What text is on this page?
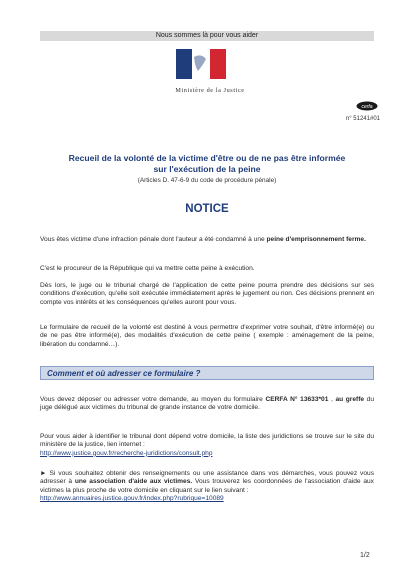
Nous sommes là pour vous aider
Ministère de la Justice
cerfa
n° 51241#01
Recueil de la volonté de la victime d'être ou de ne pas être informée
sur l'exécution de la peine
(Articles D. 47-6-9 du code de procédure pénale)
NOTICE
Vous êtes victime d'une infraction pénale dont l'auteur a été condamné à une peine d'emprisonnement ferme.
C'est le procureur de la République qui va mettre cette peine à exécution.
Dès lors, le juge ou le tribunal chargé de l'application de cette peine pourra prendre des décisions sur ses conditions d'exécution, qu'elle soit exécutée immédiatement après le jugement ou non. Ces décisions prennent en compte vos intérêts et les conséquences qu'elles auront pour vous.
Le formulaire de recueil de la volonté est destiné à vous permettre d'exprimer votre souhait, d'être informé(e) ou de ne pas être informé(e), des modalités d'exécution de cette peine ( exemple : aménagement de la peine, libération du condamné…).
Comment et où adresser ce formulaire ?
Vous devez déposer ou adresser votre demande, au moyen du formulaire CERFA N° 13633*01 , au greffe du juge délégué aux victimes du tribunal de grande instance de votre domicile.
Pour vous aider à identifier le tribunal dont dépend votre domicile, la liste des juridictions se trouve sur le site du ministère de la justice, lien internet :
http://www.justice.gouv.fr/recherche-juridictions/consult.php
► Si vous souhaitez obtenir des renseignements ou une assistance dans vos démarches, vous pouvez vous adresser à une association d'aide aux victimes. Vous trouverez les coordonnées de l'association d'aide aux victimes la plus proche de votre domicile en cliquant sur le lien suivant :
http://www.annuaires.justice.gouv.fr/index.php?rubrique=10089
1/2
